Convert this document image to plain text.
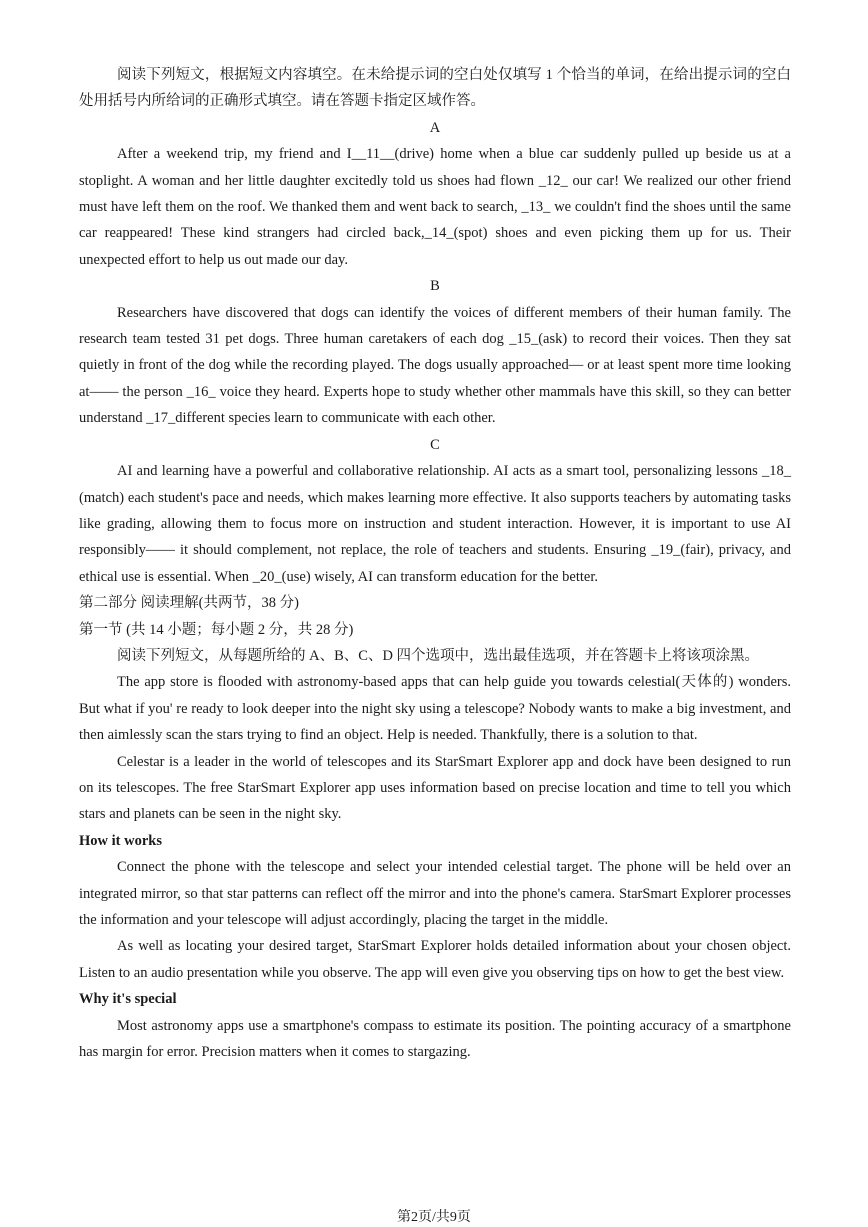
阅读下列短文，根据短文内容填空。在未给提示词的空白处仅填写 1 个恰当的单词，在给出提示词的空白处用括号内所给词的正确形式填空。请在答题卡指定区域作答。

A

After a weekend trip, my friend and I__11__(drive) home when a blue car suddenly pulled up beside us at a stoplight. A woman and her little daughter excitedly told us shoes had flown _12_ our car! We realized our other friend must have left them on the roof. We thanked them and went back to search, _13_ we couldn't find the shoes until the same car reappeared! These kind strangers had circled back,_14_(spot) shoes and even picking them up for us. Their unexpected effort to help us out made our day.

B

Researchers have discovered that dogs can identify the voices of different members of their human family. The research team tested 31 pet dogs. Three human caretakers of each dog _15_(ask) to record their voices. Then they sat quietly in front of the dog while the recording played. The dogs usually approached— or at least spent more time looking at—— the person _16_ voice they heard. Experts hope to study whether other mammals have this skill, so they can better understand _17_different species learn to communicate with each other.

C

AI and learning have a powerful and collaborative relationship. AI acts as a smart tool, personalizing lessons _18_ (match) each student's pace and needs, which makes learning more effective. It also supports teachers by automating tasks like grading, allowing them to focus more on instruction and student interaction. However, it is important to use AI responsibly—— it should complement, not replace, the role of teachers and students. Ensuring _19_(fair), privacy, and ethical use is essential. When _20_(use) wisely, AI can transform education for the better.

第二部分 阅读理解(共两节，38 分)

第一节 (共 14 小题；每小题 2 分，共 28 分)

阅读下列短文，从每题所给的 A、B、C、D 四个选项中，选出最佳选项，并在答题卡上将该项涂黑。

The app store is flooded with astronomy-based apps that can help guide you towards celestial(天体的) wonders. But what if you' re ready to look deeper into the night sky using a telescope? Nobody wants to make a big investment, and then aimlessly scan the stars trying to find an object. Help is needed. Thankfully, there is a solution to that.

Celestar is a leader in the world of telescopes and its StarSmart Explorer app and dock have been designed to run on its telescopes. The free StarSmart Explorer app uses information based on precise location and time to tell you which stars and planets can be seen in the night sky.

How it works

Connect the phone with the telescope and select your intended celestial target. The phone will be held over an integrated mirror, so that star patterns can reflect off the mirror and into the phone's camera. StarSmart Explorer processes the information and your telescope will adjust accordingly, placing the target in the middle.

As well as locating your desired target, StarSmart Explorer holds detailed information about your chosen object. Listen to an audio presentation while you observe. The app will even give you observing tips on how to get the best view.

Why it's special

Most astronomy apps use a smartphone's compass to estimate its position. The pointing accuracy of a smartphone has margin for error. Precision matters when it comes to stargazing.

第2页/共9页
